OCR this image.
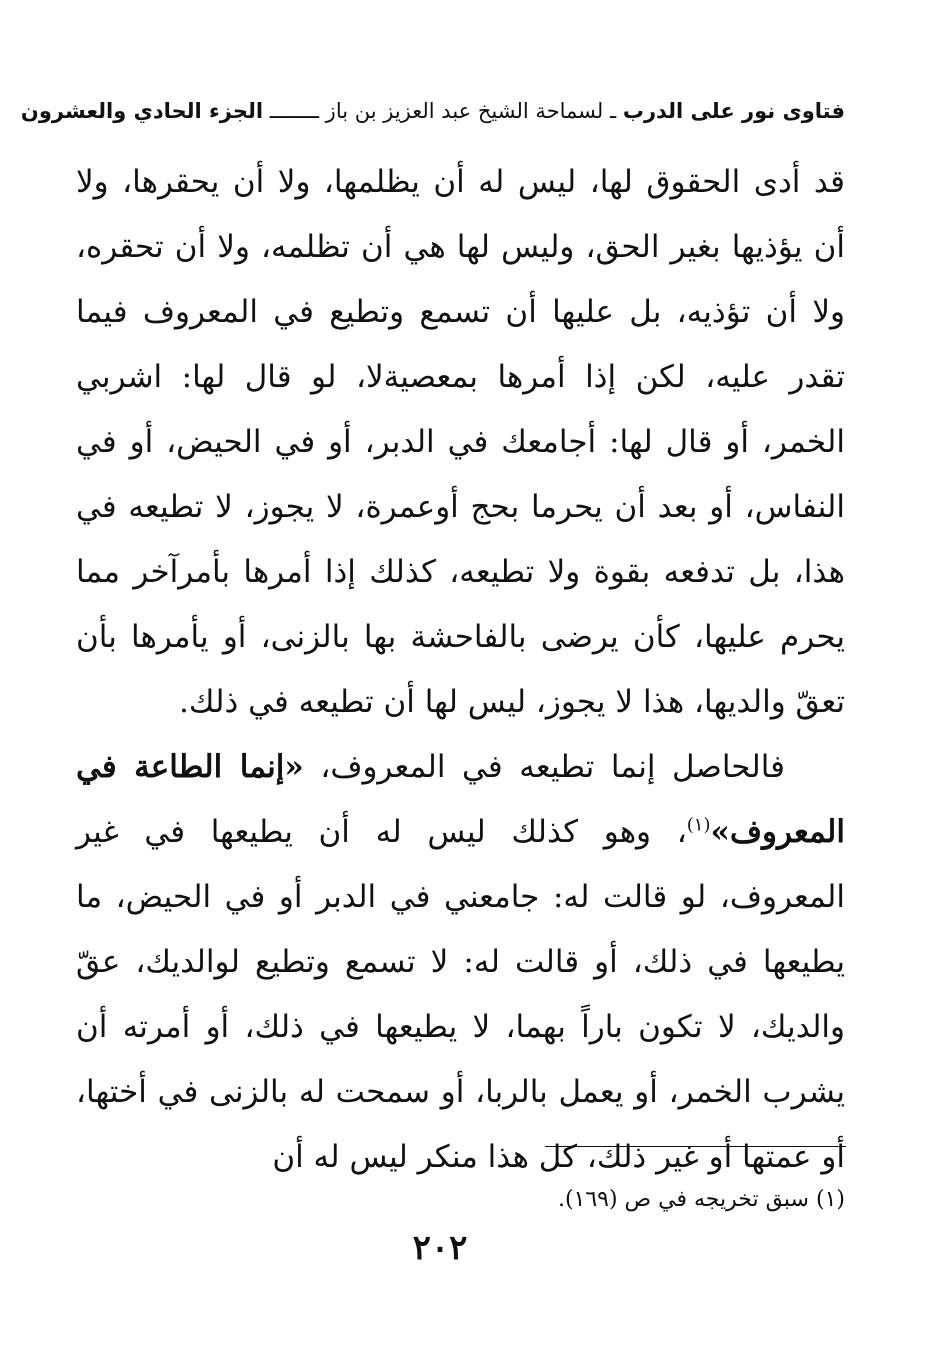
فتاوى نور على الدرب ـ لسماحة الشيخ عبد العزيز بن باز ــــــــ الجزء الحادي والعشرون

قد أدى الحقوق لها، ليس له أن يظلمها، ولا أن يحقرها، ولا أن يؤذيها بغير الحق، وليس لها هي أن تظلمه، ولا أن تحقره، ولا أن تؤذيه، بل عليها أن تسمع وتطيع في المعروف فيما تقدر عليه، لكن إذا أمرها بمعصيةلا، لو قال لها: اشربي الخمر، أو قال لها: أجامعك في الدبر، أو في الحيض، أو في النفاس، أو بعد أن يحرما بحج أوعمرة، لا يجوز، لا تطيعه في هذا، بل تدفعه بقوة ولا تطيعه، كذلك إذا أمرها بأمرآخر مما يحرم عليها، كأن يرضى بالفاحشة بها بالزنى، أو يأمرها بأن تعقّ والديها، هذا لا يجوز، ليس لها أن تطيعه في ذلك.

فالحاصل إنما تطيعه في المعروف، «إنما الطاعة في المعروف»$^{(١)}$، وهو كذلك ليس له أن يطيعها في غير المعروف، لو قالت له: جامعني في الدبر أو في الحيض، ما يطيعها في ذلك، أو قالت له: لا تسمع وتطيع لوالديك، عقّ والديك، لا تكون باراً بهما، لا يطيعها في ذلك، أو أمرته أن يشرب الخمر، أو يعمل بالربا، أو سمحت له بالزنى في أختها، أو عمتها أو غير ذلك، كل هذا منكر ليس له أن

(١) سبق تخريجه في ص (١٦٩).
٢٠٢
